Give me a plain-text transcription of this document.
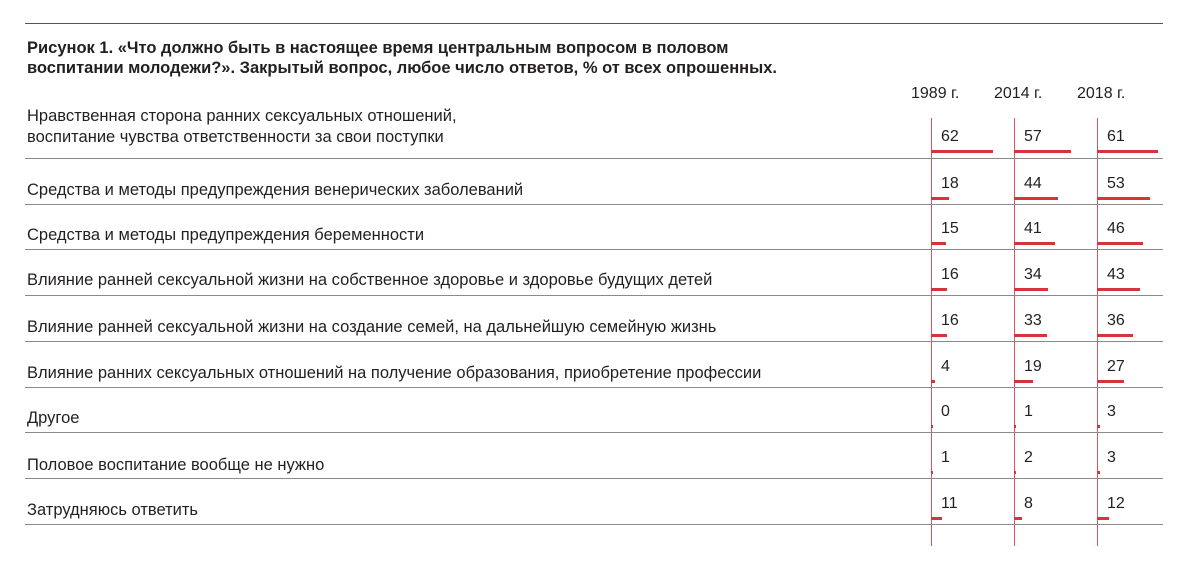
Рисунок 1. «Что должно быть в настоящее время центральным вопросом в половом
воспитании молодежи?». Закрытый вопрос, любое число ответов, % от всех опрошенных.
1989 г. 2014 г. 2018 г.
Нравственная сторона ранних сексуальных отношений,
воспитание чувства ответственности за свои поступки	62	57	61
Средства и методы предупреждения венерических заболеваний	18	44	53
Средства и методы предупреждения беременности	15	41	46
Влияние ранней сексуальной жизни на собственное здоровье и здоровье будущих детей	16	34	43
Влияние ранней сексуальной жизни на создание семей, на дальнейшую семейную жизнь	16	33	36
Влияние ранних сексуальных отношений на получение образования, приобретение профессии	4	19	27
Другое	0	1	3
Половое воспитание вообще не нужно	1	2	3
Затрудняюсь ответить	11	8	12
